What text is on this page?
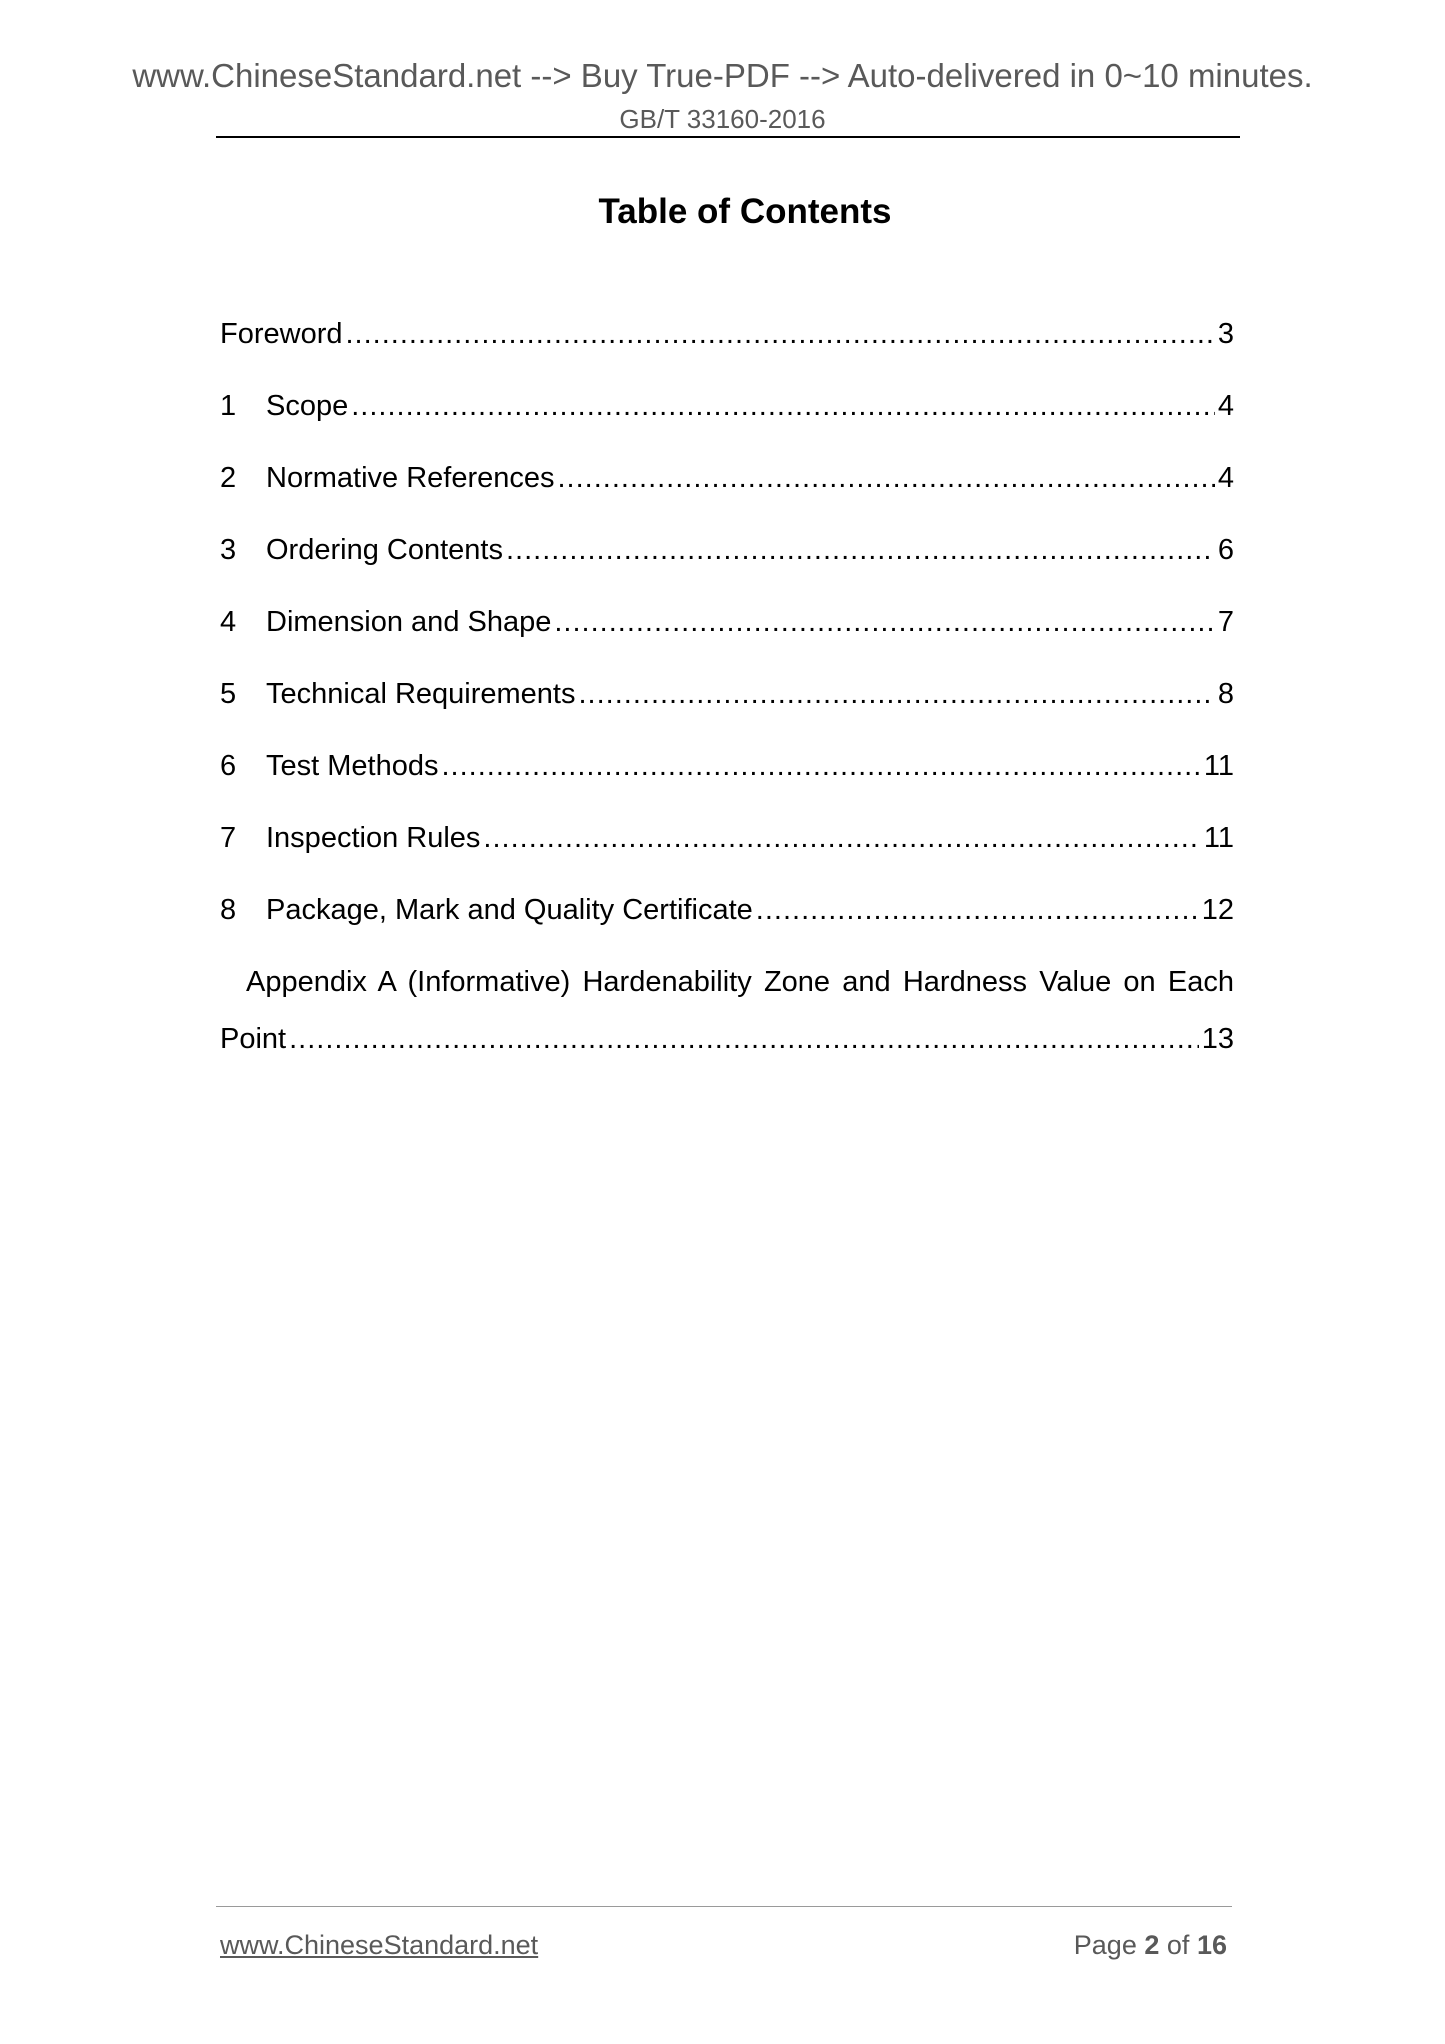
www.ChineseStandard.net --> Buy True-PDF --> Auto-delivered in 0~10 minutes.
GB/T 33160-2016
Table of Contents
Foreword .....	3
1	Scope .....	4
2	Normative References .....	4
3	Ordering Contents .....	6
4	Dimension and Shape .....	7
5	Technical Requirements .....	8
6	Test Methods .....	11
7	Inspection Rules .....	11
8	Package, Mark and Quality Certificate .....	12
Appendix A (Informative) Hardenability Zone and Hardness Value on Each
Point .....	13
www.ChineseStandard.net	Page 2 of 16
